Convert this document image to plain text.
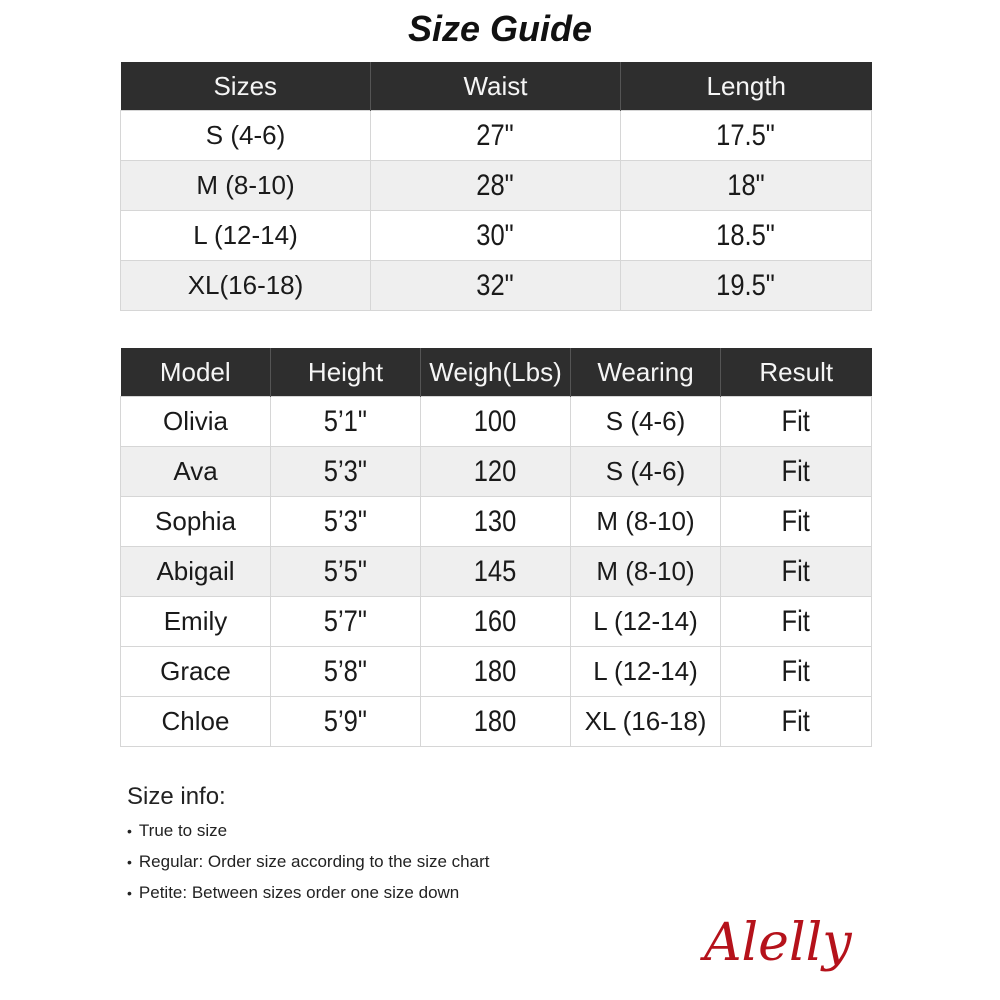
Size Guide
Sizes	Waist	Length
S (4-6)	27"	17.5"
M (8-10)	28"	18"
L (12-14)	30"	18.5"
XL(16-18)	32"	19.5"
Model	Height	Weigh(Lbs)	Wearing	Result
Olivia	5’1"	100	S (4-6)	Fit
Ava	5’3"	120	S (4-6)	Fit
Sophia	5’3"	130	M (8-10)	Fit
Abigail	5’5"	145	M (8-10)	Fit
Emily	5’7"	160	L (12-14)	Fit
Grace	5’8"	180	L (12-14)	Fit
Chloe	5’9"	180	XL (16-18)	Fit
Size info:
• True to size
• Regular: Order size according to the size chart
• Petite: Between sizes order one size down
Alelly
